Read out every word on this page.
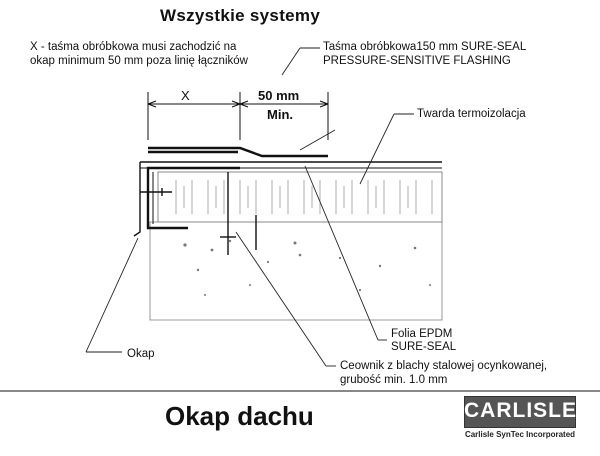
Wszystkie systemy
X - taśma obróbkowa musi zachodzić na
okap minimum 50 mm poza linię łączników
Taśma obróbkowa150 mm SURE-SEAL
PRESSURE-SENSITIVE FLASHING
Twarda termoizolacja
X	50 mm
Min.
Folia EPDM
SURE-SEAL
Okap
Ceownik z blachy stalowej ocynkowanej,
grubość min. 1.0 mm
Okap dachu	CARLISLE
Carlisle SynTec Incorporated
